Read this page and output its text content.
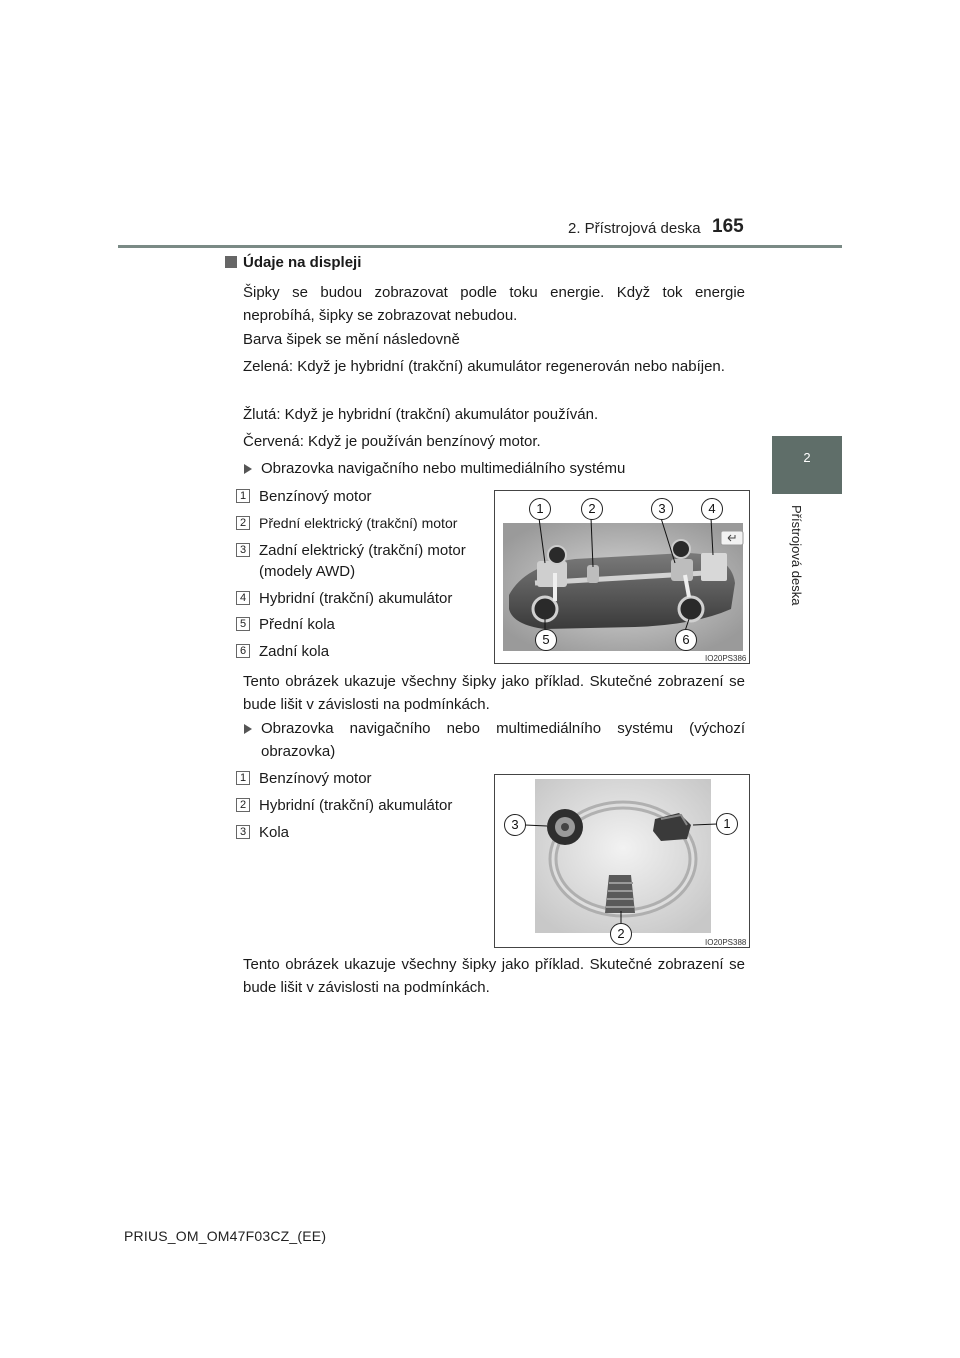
2. Přístrojová deska 165
2
Přístrojová deska
Údaje na displeji
Šipky se budou zobrazovat podle toku energie. Když tok energie neprobíhá, šipky se zobrazovat nebudou.
Barva šipek se mění následovně
Zelená: Když je hybridní (trakční) akumulátor regenerován nebo nabíjen.
Žlutá: Když je hybridní (trakční) akumulátor používán.
Červená: Když je používán benzínový motor.
Obrazovka navigačního nebo multimediálního systému
1 Benzínový motor
2 Přední elektrický (trakční) motor
3 Zadní elektrický (trakční) motor
(modely AWD)
4 Hybridní (trakční) akumulátor
5 Přední kola
6 Zadní kola
1	2	3	4
5	6
IO20PS386
Tento obrázek ukazuje všechny šipky jako příklad. Skutečné zobrazení se bude lišit v závislosti na podmínkách.
Obrazovka navigačního nebo multimediálního systému (výchozí obrazovka)
1 Benzínový motor
2 Hybridní (trakční) akumulátor
3 Kola	3	1
2
IO20PS388
Tento obrázek ukazuje všechny šipky jako příklad. Skutečné zobrazení se bude lišit v závislosti na podmínkách.
PRIUS_OM_OM47F03CZ_(EE)
